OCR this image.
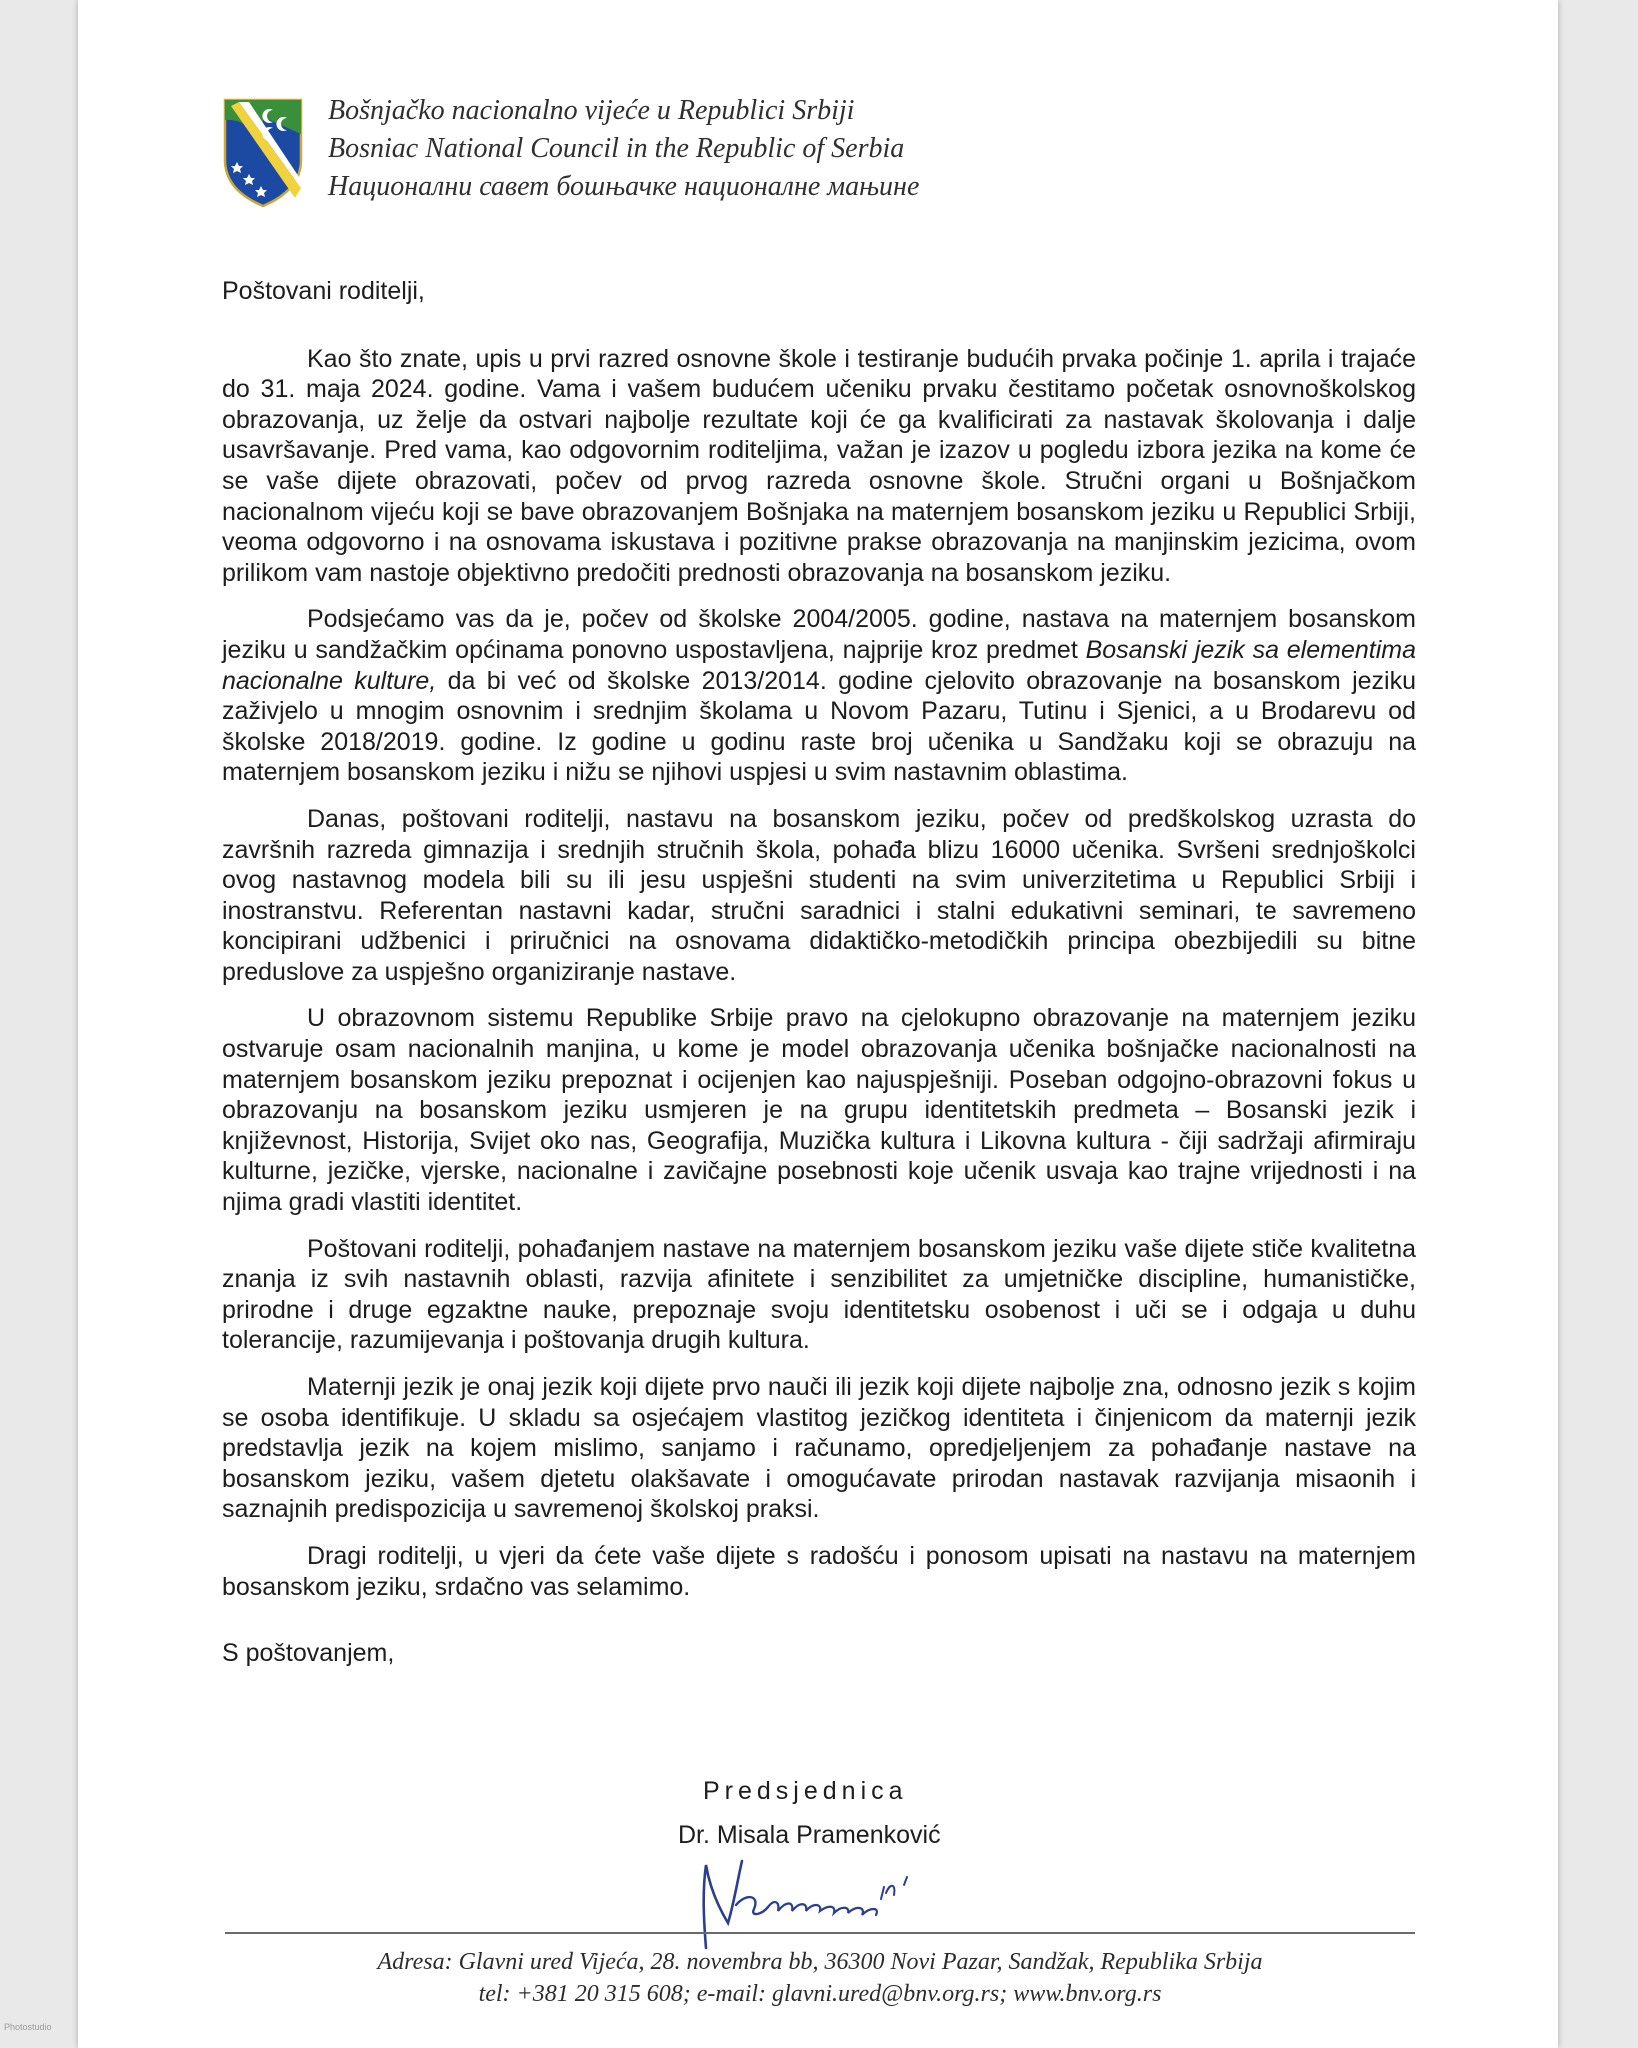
Bošnjačko nacionalno vijeće u Republici Srbiji
Bosniac National Council in the Republic of Serbia
Национални савет бошњачке националне мањине

Poštovani roditelji,

Kao što znate, upis u prvi razred osnovne škole i testiranje budućih prvaka počinje 1. aprila i trajaće do 31. maja 2024. godine. Vama i vašem budućem učeniku prvaku čestitamo početak osnovnoškolskog obrazovanja, uz želje da ostvari najbolje rezultate koji će ga kvalificirati za nastavak školovanja i dalje usavršavanje. Pred vama, kao odgovornim roditeljima, važan je izazov u pogledu izbora jezika na kome će se vaše dijete obrazovati, počev od prvog razreda osnovne škole. Stručni organi u Bošnjačkom nacionalnom vijeću koji se bave obrazovanjem Bošnjaka na maternjem bosanskom jeziku u Republici Srbiji, veoma odgovorno i na osnovama iskustava i pozitivne prakse obrazovanja na manjinskim jezicima, ovom prilikom vam nastoje objektivno predočiti prednosti obrazovanja na bosanskom jeziku.

Podsjećamo vas da je, počev od školske 2004/2005. godine, nastava na maternjem bosanskom jeziku u sandžačkim općinama ponovno uspostavljena, najprije kroz predmet Bosanski jezik sa elementima nacionalne kulture, da bi već od školske 2013/2014. godine cjelovito obrazovanje na bosanskom jeziku zaživjelo u mnogim osnovnim i srednjim školama u Novom Pazaru, Tutinu i Sjenici, a u Brodarevu od školske 2018/2019. godine. Iz godine u godinu raste broj učenika u Sandžaku koji se obrazuju na maternjem bosanskom jeziku i nižu se njihovi uspjesi u svim nastavnim oblastima.

Danas, poštovani roditelji, nastavu na bosanskom jeziku, počev od predškolskog uzrasta do završnih razreda gimnazija i srednjih stručnih škola, pohađa blizu 16000 učenika. Svršeni srednjoškolci ovog nastavnog modela bili su ili jesu uspješni studenti na svim univerzitetima u Republici Srbiji i inostranstvu. Referentan nastavni kadar, stručni saradnici i stalni edukativni seminari, te savremeno koncipirani udžbenici i priručnici na osnovama didaktičko-metodičkih principa obezbijedili su bitne preduslove za uspješno organiziranje nastave.

U obrazovnom sistemu Republike Srbije pravo na cjelokupno obrazovanje na maternjem jeziku ostvaruje osam nacionalnih manjina, u kome je model obrazovanja učenika bošnjačke nacionalnosti na maternjem bosanskom jeziku prepoznat i ocijenjen kao najuspješniji. Poseban odgojno-obrazovni fokus u obrazovanju na bosanskom jeziku usmjeren je na grupu identitetskih predmeta – Bosanski jezik i književnost, Historija, Svijet oko nas, Geografija, Muzička kultura i Likovna kultura - čiji sadržaji afirmiraju kulturne, jezičke, vjerske, nacionalne i zavičajne posebnosti koje učenik usvaja kao trajne vrijednosti i na njima gradi vlastiti identitet.

Poštovani roditelji, pohađanjem nastave na maternjem bosanskom jeziku vaše dijete stiče kvalitetna znanja iz svih nastavnih oblasti, razvija afinitete i senzibilitet za umjetničke discipline, humanističke, prirodne i druge egzaktne nauke, prepoznaje svoju identitetsku osobenost i uči se i odgaja u duhu tolerancije, razumijevanja i poštovanja drugih kultura.

Maternji jezik je onaj jezik koji dijete prvo nauči ili jezik koji dijete najbolje zna, odnosno jezik s kojim se osoba identifikuje. U skladu sa osjećajem vlastitog jezičkog identiteta i činjenicom da maternji jezik predstavlja jezik na kojem mislimo, sanjamo i računamo, opredjeljenjem za pohađanje nastave na bosanskom jeziku, vašem djetetu olakšavate i omogućavate prirodan nastavak razvijanja misaonih i saznajnih predispozicija u savremenoj školskoj praksi.

Dragi roditelji, u vjeri da ćete vaše dijete s radošću i ponosom upisati na nastavu na maternjem bosanskom jeziku, srdačno vas selamimo.

S poštovanjem,

Predsjednica
Dr. Misala Pramenković
Adresa: Glavni ured Vijeća, 28. novembra bb, 36300 Novi Pazar, Sandžak, Republika Srbija
tel: +381 20 315 608; e-mail: glavni.ured@bnv.org.rs; www.bnv.org.rs
Photostudio
